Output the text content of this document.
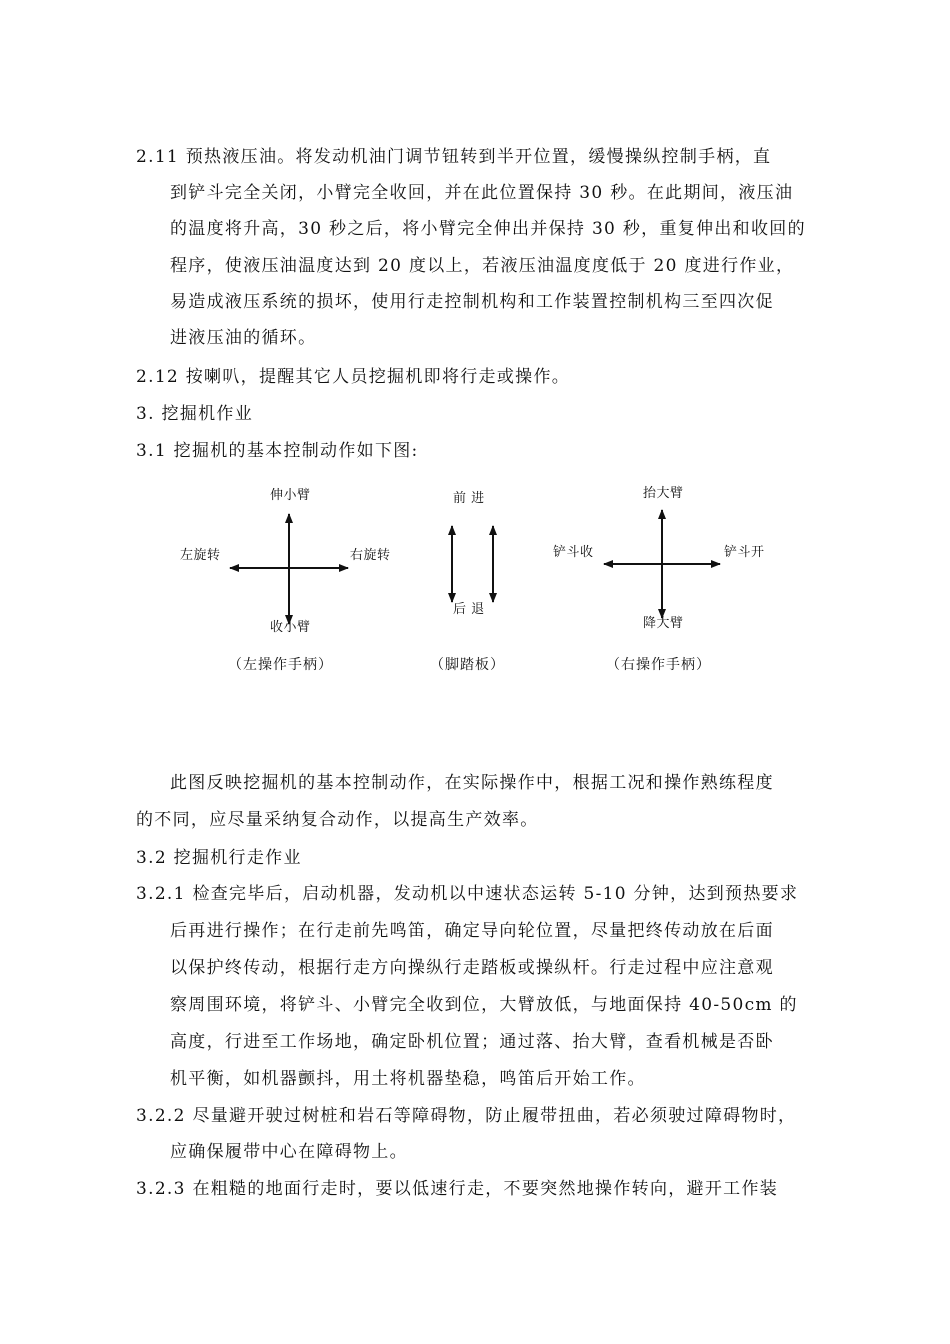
2.11 预热液压油。将发动机油门调节钮转到半开位置，缓慢操纵控制手柄，直
到铲斗完全关闭，小臂完全收回，并在此位置保持 30 秒。在此期间，液压油
的温度将升高，30 秒之后，将小臂完全伸出并保持 30 秒，重复伸出和收回的
程序，使液压油温度达到 20 度以上，若液压油温度度低于 20 度进行作业，
易造成液压系统的损坏，使用行走控制机构和工作装置控制机构三至四次促
进液压油的循环。
2.12 按喇叭，提醒其它人员挖掘机即将行走或操作。
3. 挖掘机作业
3.1 挖掘机的基本控制动作如下图:
伸小臂
收小臂
左旋转	右旋转
（左操作手柄）
前 进
后 退
（脚踏板）
抬大臂
降大臂
铲斗收	铲斗开
（右操作手柄）
此图反映挖掘机的基本控制动作，在实际操作中，根据工况和操作熟练程度
的不同，应尽量采纳复合动作，以提高生产效率。
3.2 挖掘机行走作业
3.2.1 检查完毕后，启动机器，发动机以中速状态运转 5-10 分钟，达到预热要求
后再进行操作；在行走前先鸣笛，确定导向轮位置，尽量把终传动放在后面
以保护终传动，根据行走方向操纵行走踏板或操纵杆。行走过程中应注意观
察周围环境，将铲斗、小臂完全收到位，大臂放低，与地面保持 40-50cm 的
高度，行进至工作场地，确定卧机位置；通过落、抬大臂，查看机械是否卧
机平衡，如机器颤抖，用土将机器垫稳，鸣笛后开始工作。
3.2.2 尽量避开驶过树桩和岩石等障碍物，防止履带扭曲，若必须驶过障碍物时，
应确保履带中心在障碍物上。
3.2.3 在粗糙的地面行走时，要以低速行走，不要突然地操作转向，避开工作装
